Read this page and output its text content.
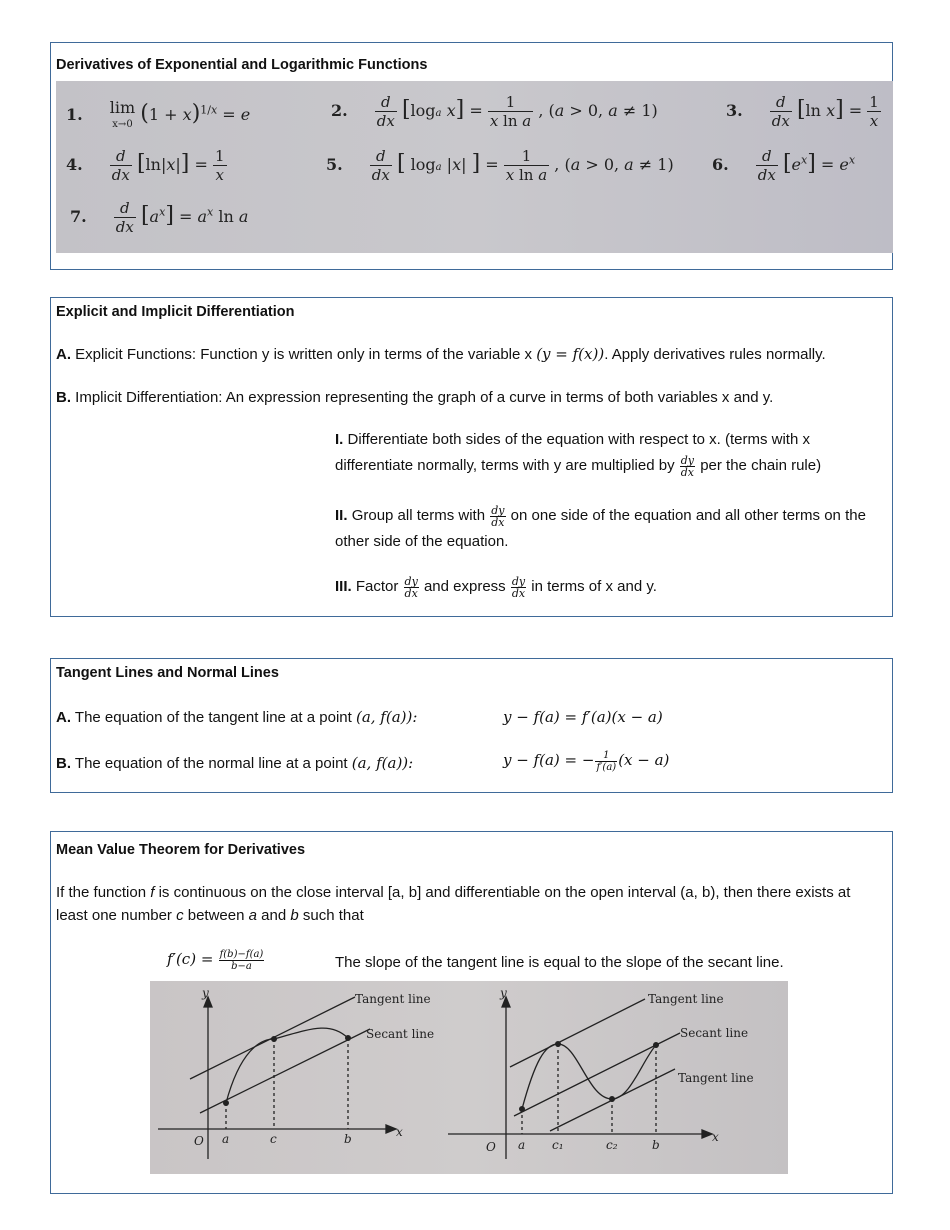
Derivatives of Exponential and Logarithmic Functions
1. lim
x→0 $(1 + x)^{1/x} = e$	2. $\frac{d}{dx} [\log a$ $x] = \frac{1}{\text{x ln a}}$ , (a > 0, a ≠ 1)	3. $\frac{d}{dx} [\ln$ $x] = \frac{1}{x}$
4. $\frac{d}{dx} [\ln|x|] = \frac{1}{x}$	5. $\frac{d}{dx}$ [ loga |x| ] = $\frac{1}{\text{x ln a}}$ , (a > 0, a ≠ 1) 6. $\frac{d}{dx} [e^x] = e^x$
7. $\frac{d}{dx} [a^x] = a^x$ ln a
Explicit and Implicit Differentiation
A. Explicit Functions: Function y is written only in terms of the variable x (y = f(x)). Apply derivatives rules normally.
B. Implicit Differentiation: An expression representing the graph of a curve in terms of both variables x and y.
I. Differentiate both sides of the equation with respect to x. (terms with x differentiate normally, terms with y are multiplied by $\frac{dy}{dx}$ per the chain rule)
II. Group all terms with $\frac{dy}{dx}$ on one side of the equation and all other terms on the other side of the equation.
III. Factor $\frac{dy}{dx}$ and express $\frac{dy}{dx}$ in terms of x and y.
Tangent Lines and Normal Lines
A. The equation of the tangent line at a point (a, f(a)):	y − f(a) = f′(a)(x − a)
B. The equation of the normal line at a point (a, f(a)):	y − f(a) = − $\frac{1}{f'(a)} (x - a)$
Mean Value Theorem for Derivatives
If the function f is continuous on the close interval [a, b] and differentiable on the open interval (a, b), then there exists at least one number c between a and b such that
$f'(c) = \frac{f(b)-f(a)}{b-a}$	The slope of the tangent line is equal to the slope of the secant line.
Tangent line
Secant line
y
x
O a	c	b
Tangent line
Secant line
Tangent line
y
x
O a c₁	c₂	b
